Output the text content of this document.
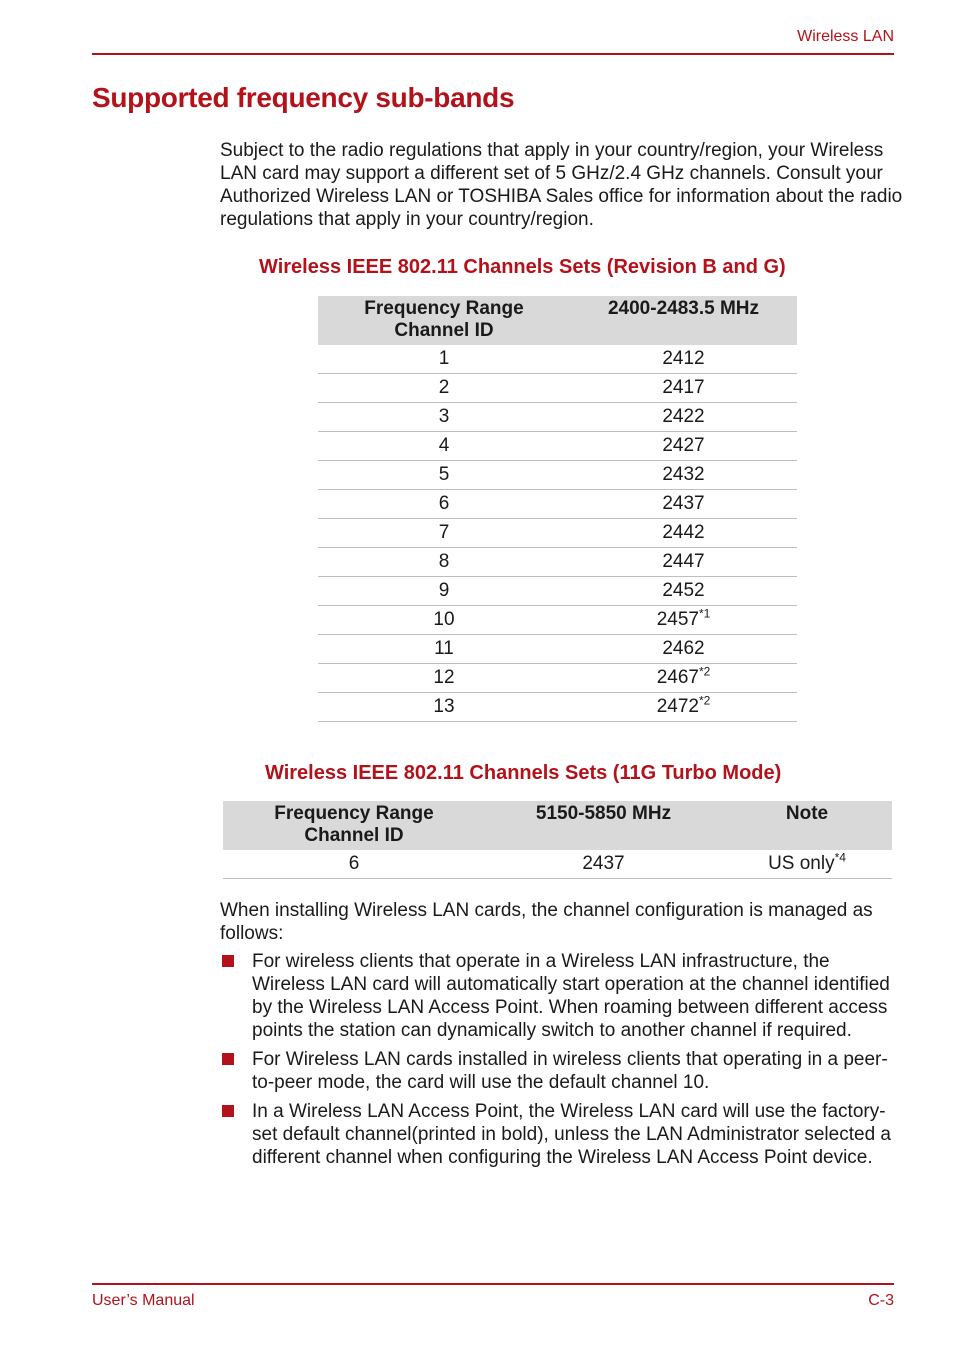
Wireless LAN
Supported frequency sub-bands

Subject to the radio regulations that apply in your country/region, your Wireless LAN card may support a different set of 5 GHz/2.4 GHz channels. Consult your Authorized Wireless LAN or TOSHIBA Sales office for information about the radio regulations that apply in your country/region.

Wireless IEEE 802.11 Channels Sets (Revision B and G)

Frequency Range
Channel ID	2400-2483.5 MHz
1	2412
2	2417
3	2422
4	2427
5	2432
6	2437
7	2442
8	2447
9	2452
10	2457$^{*1}$
11	2462
12	2467$^{*2}$
13	2472$^{*2}$

Wireless IEEE 802.11 Channels Sets (11G Turbo Mode)

Frequency Range
Channel ID	5150-5850 MHz	Note
6	2437	US only$^{*4}$

When installing Wireless LAN cards, the channel configuration is managed as follows:

For wireless clients that operate in a Wireless LAN infrastructure, the Wireless LAN card will automatically start operation at the channel identified by the Wireless LAN Access Point. When roaming between different access points the station can dynamically switch to another channel if required.
For Wireless LAN cards installed in wireless clients that operating in a peer-to-peer mode, the card will use the default channel 10.
In a Wireless LAN Access Point, the Wireless LAN card will use the factory-set default channel(printed in bold), unless the LAN Administrator selected a different channel when configuring the Wireless LAN Access Point device.
User’s Manual	C-3
